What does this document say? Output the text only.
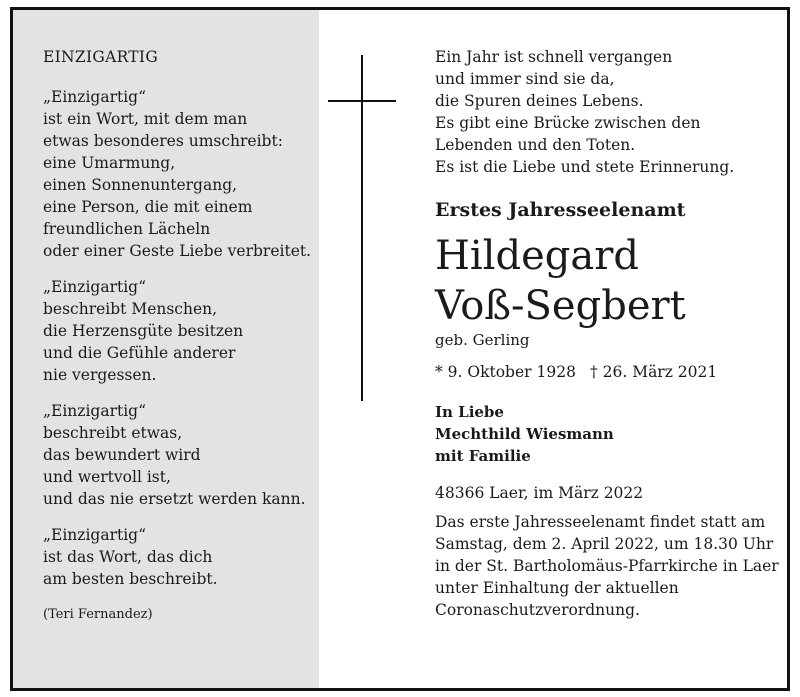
EINZIGARTIG
„Einzigartig“
ist ein Wort, mit dem man
etwas besonderes umschreibt:
eine Umarmung,
einen Sonnenuntergang,
eine Person, die mit einem
freundlichen Lächeln
oder einer Geste Liebe verbreitet.
„Einzigartig“
beschreibt Menschen,
die Herzensgüte besitzen
und die Gefühle anderer
nie vergessen.
„Einzigartig“
beschreibt etwas,
das bewundert wird
und wertvoll ist,
und das nie ersetzt werden kann.
„Einzigartig“
ist das Wort, das dich
am besten beschreibt.
(Teri Fernandez)
Ein Jahr ist schnell vergangen
und immer sind sie da,
die Spuren deines Lebens.
Es gibt eine Brücke zwischen den
Lebenden und den Toten.
Es ist die Liebe und stete Erinnerung.
Erstes Jahresseelenamt
Hildegard
Voß-Segbert
geb. Gerling
* 9. Oktober 1928 † 26. März 2021
In Liebe
Mechthild Wiesmann
mit Familie
48366 Laer, im März 2022
Das erste Jahresseelenamt findet statt am
Samstag, dem 2. April 2022, um 18.30 Uhr
in der St. Bartholomäus-Pfarrkirche in Laer
unter Einhaltung der aktuellen
Coronaschutzverordnung.
